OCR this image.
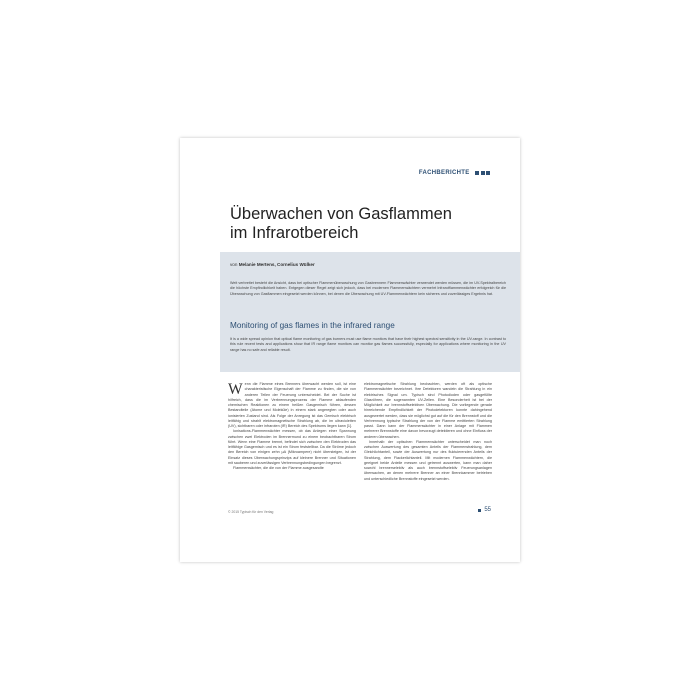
FACHBERICHTE
Überwachen von Gasflammen
im Infrarotbereich
von Melanie Mertens, Cornelius Wülker
Weit verbreitet besteht die Ansicht, dass bei optischer Flammenüberwachung von Gasbrennern Flammenwächter verwendet werden müssen, die im UV-Spektralbereich die höchste Empfindlichkeit haben. Entgegen dieser Regel zeigt sich jedoch, dass bei modernen Flammenwächtern vermehrt Infrarotflammenwächter erfolgreich für die Überwachung von Gasflammen eingesetzt werden können, bei denen die Überwachung mit UV-Flammenwächtern kein sicheres und zuverlässiges Ergebnis hat.
Monitoring of gas flames in the infrared range
It is a wide spread opinion that optical flame monitoring of gas burners must use flame monitors that have their highest spectral sensitivity in the UV-range. In contrast to this rule recent tests and applications show that IR range flame monitors can monitor gas flames successfully, especially for applications where monitoring in the UV range has no safe and reliable result.

Wenn die Flamme eines Brenners überwacht werden soll, ist eine charakteristische Eigenschaft der Flamme zu finden, die sie von anderen Teilen der Feuerung unterscheidet. Bei der Suche ist hilfreich, dass die im Verbrennungsprozess der Flamme ablaufenden chemischen Reaktionen zu einem heißen Gasgemisch führen, dessen Bestandteile (Atome und Moleküle) in einem stark angeregten oder auch ionisierten Zustand sind. Als Folge der Anregung ist das Gemisch elektrisch leitfähig und strahlt elektromagnetische Strahlung ab, die im ultravioletten (UV), sichtbaren oder infraroten (IR) Bereich des Spektrums liegen kann [1].

Ionisations-Flammenwächter messen, ob das Anlegen einer Spannung zwischen zwei Elektroden im Brennermund zu einem beobachtbaren Strom führt. Wenn eine Flamme brennt, befindet sich zwischen den Elektroden das leitfähige Gasgemisch und es ist ein Strom feststellbar. Da die Ströme jedoch den Bereich von einigen zehn µA (Mikroampere) nicht übersteigen, ist der Einsatz dieses Überwachungsprinzips auf kleinere Brenner und Situationen mit sauberen und zuverlässigen Verbrennungsbedingungen begrenzt.

Flammenwächter, die die von der Flamme ausgesandte

elektromagnetische Strahlung beobachten, werden oft als optische Flammenwächter bezeichnet. Ihre Detektoren wandeln die Strahlung in ein elektrisches Signal um. Typisch sind Photodioden oder gasgefüllte Glasröhren, die sogenannten UV-Zellen. Eine Besonderheit ist bei der Möglichkeit zur brennstoffselektiven Überwachung. Die vorliegende gerade hinreichende Empfindlichkeit der Photodetektoren konnte dahingehend ausgewertet werden, dass sie möglichst gut auf die für den Brennstoff und die Verbrennung typische Strahlung der von der Flamme emittierten Strahlung passt. Dann kann der Flammenwächter in einer Anlage mit Flammen mehrerer Brennstoffe eine davon bevorzugt detektieren und ohne Einfluss der anderen überwachen.

Innerhalb der optischen Flammenwächter unterscheidet man noch zwischen Auswertung des gesamten Anteils der Flammenstrahlung, dem Gleichlichtanteil, sowie der Auswertung nur des fluktuierenden Anteils der Strahlung, dem Flackerlichtanteil. Mit modernen Flammenwächtern, die geeignet beide Anteile messen und getrennt auswerten, kann man daher sowohl brennerselektiv als auch brennstoffselektiv Feuerungsanlagen überwachen, an denen mehrere Brenner an einer Brennkammer betrieben und unterschiedliche Brennstoffe eingesetzt werden.

© 2015 Typisch für den Verlag	55
